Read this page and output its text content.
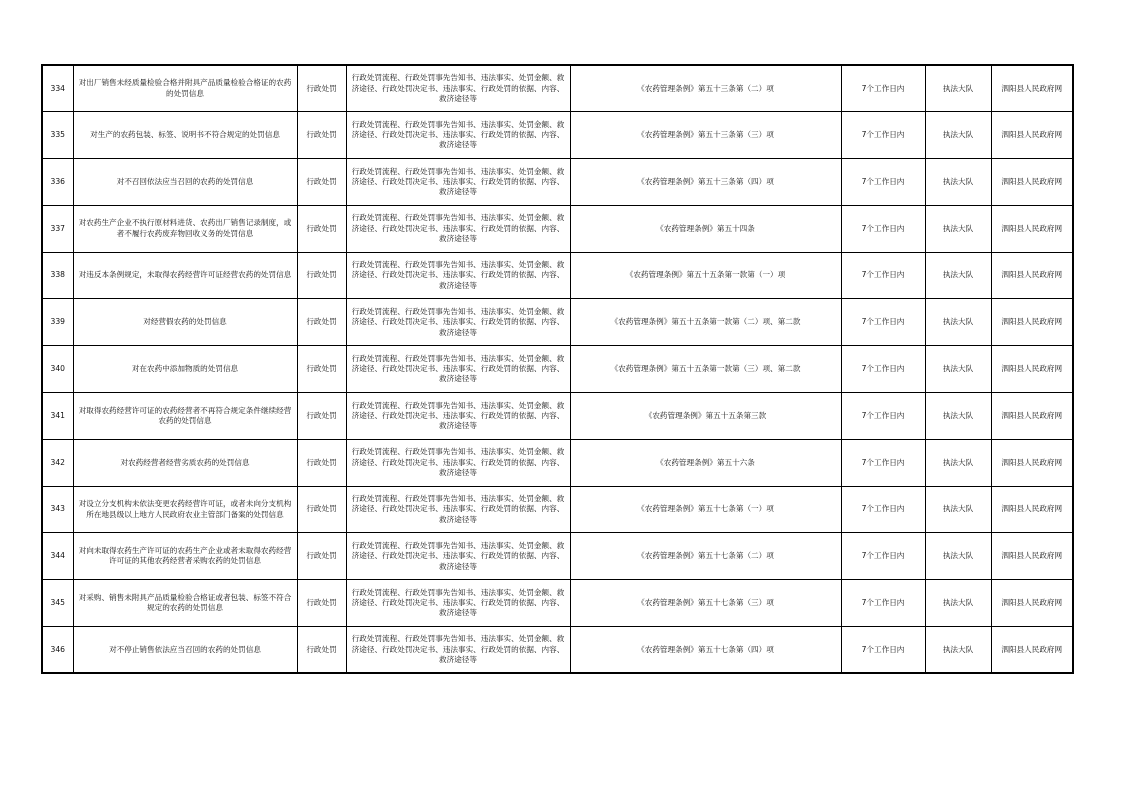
334	对出厂销售未经质量检验合格并附具产品质量检验合格证的农药的处罚信息	行政处罚	行政处罚流程、行政处罚事先告知书、违法事实、处罚金额、救济途径、行政处罚决定书、违法事实、行政处罚的依据、内容、救济途径等	《农药管理条例》第五十三条第（二）项	7个工作日内	执法大队	泗阳县人民政府网
335	对生产的农药包装、标签、说明书不符合规定的处罚信息	行政处罚	行政处罚流程、行政处罚事先告知书、违法事实、处罚金额、救济途径、行政处罚决定书、违法事实、行政处罚的依据、内容、救济途径等	《农药管理条例》第五十三条第（三）项	7个工作日内	执法大队	泗阳县人民政府网
336	对不召回依法应当召回的农药的处罚信息	行政处罚	行政处罚流程、行政处罚事先告知书、违法事实、处罚金额、救济途径、行政处罚决定书、违法事实、行政处罚的依据、内容、救济途径等	《农药管理条例》第五十三条第（四）项	7个工作日内	执法大队	泗阳县人民政府网
337	对农药生产企业不执行原材料进货、农药出厂销售记录制度，或者不履行农药废弃物回收义务的处罚信息	行政处罚	行政处罚流程、行政处罚事先告知书、违法事实、处罚金额、救济途径、行政处罚决定书、违法事实、行政处罚的依据、内容、救济途径等	《农药管理条例》第五十四条	7个工作日内	执法大队	泗阳县人民政府网
338	对违反本条例规定，未取得农药经营许可证经营农药的处罚信息	行政处罚	行政处罚流程、行政处罚事先告知书、违法事实、处罚金额、救济途径、行政处罚决定书、违法事实、行政处罚的依据、内容、救济途径等	《农药管理条例》第五十五条第一款第（一）项	7个工作日内	执法大队	泗阳县人民政府网
339	对经营假农药的处罚信息	行政处罚	行政处罚流程、行政处罚事先告知书、违法事实、处罚金额、救济途径、行政处罚决定书、违法事实、行政处罚的依据、内容、救济途径等	《农药管理条例》第五十五条第一款第（二）项、第二款	7个工作日内	执法大队	泗阳县人民政府网
340	对在农药中添加物质的处罚信息	行政处罚	行政处罚流程、行政处罚事先告知书、违法事实、处罚金额、救济途径、行政处罚决定书、违法事实、行政处罚的依据、内容、救济途径等	《农药管理条例》第五十五条第一款第（三）项、第二款	7个工作日内	执法大队	泗阳县人民政府网
341	对取得农药经营许可证的农药经营者不再符合规定条件继续经营农药的处罚信息	行政处罚	行政处罚流程、行政处罚事先告知书、违法事实、处罚金额、救济途径、行政处罚决定书、违法事实、行政处罚的依据、内容、救济途径等	《农药管理条例》第五十五条第三款	7个工作日内	执法大队	泗阳县人民政府网
342	对农药经营者经营劣质农药的处罚信息	行政处罚	行政处罚流程、行政处罚事先告知书、违法事实、处罚金额、救济途径、行政处罚决定书、违法事实、行政处罚的依据、内容、救济途径等	《农药管理条例》第五十六条	7个工作日内	执法大队	泗阳县人民政府网
343	对设立分支机构未依法变更农药经营许可证，或者未向分支机构所在地县级以上地方人民政府农业主管部门备案的处罚信息	行政处罚	行政处罚流程、行政处罚事先告知书、违法事实、处罚金额、救济途径、行政处罚决定书、违法事实、行政处罚的依据、内容、救济途径等	《农药管理条例》第五十七条第（一）项	7个工作日内	执法大队	泗阳县人民政府网
344	对向未取得农药生产许可证的农药生产企业或者未取得农药经营许可证的其他农药经营者采购农药的处罚信息	行政处罚	行政处罚流程、行政处罚事先告知书、违法事实、处罚金额、救济途径、行政处罚决定书、违法事实、行政处罚的依据、内容、救济途径等	《农药管理条例》第五十七条第（二）项	7个工作日内	执法大队	泗阳县人民政府网
345	对采购、销售未附具产品质量检验合格证或者包装、标签不符合规定的农药的处罚信息	行政处罚	行政处罚流程、行政处罚事先告知书、违法事实、处罚金额、救济途径、行政处罚决定书、违法事实、行政处罚的依据、内容、救济途径等	《农药管理条例》第五十七条第（三）项	7个工作日内	执法大队	泗阳县人民政府网
346	对不停止销售依法应当召回的农药的处罚信息	行政处罚	行政处罚流程、行政处罚事先告知书、违法事实、处罚金额、救济途径、行政处罚决定书、违法事实、行政处罚的依据、内容、救济途径等	《农药管理条例》第五十七条第（四）项	7个工作日内	执法大队	泗阳县人民政府网
